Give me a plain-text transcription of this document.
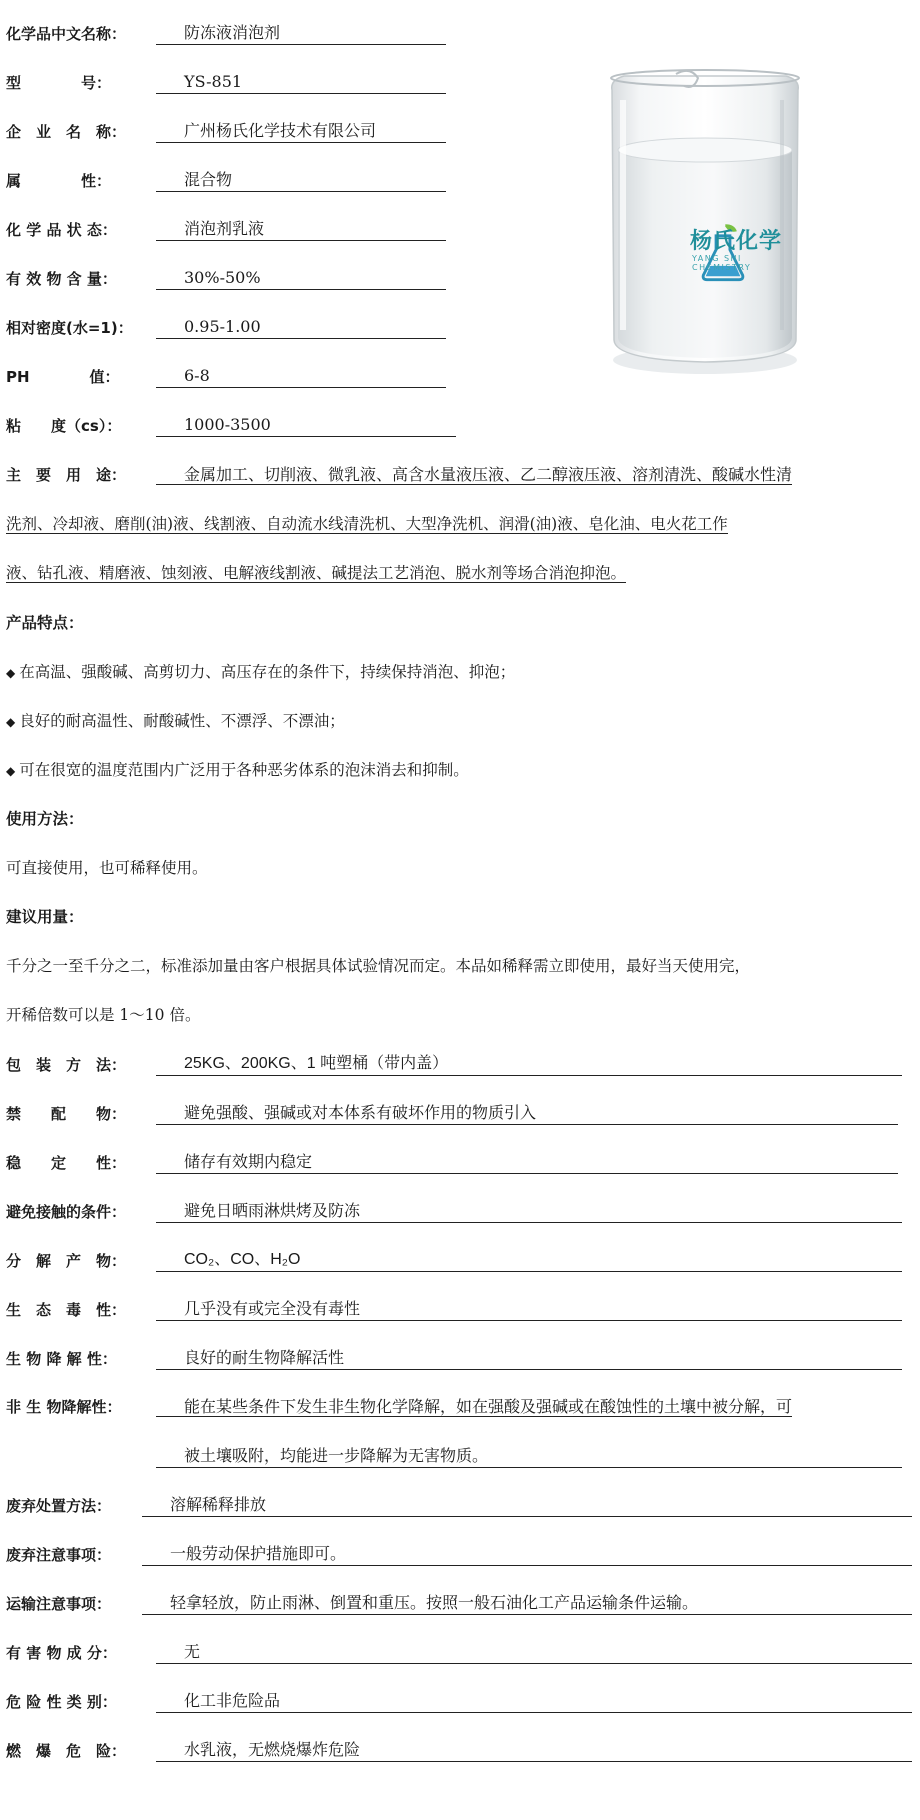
化学品中文名称：	防冻液消泡剂
型　　　　号：	YS-851
企　业　名　称：	广州杨氏化学技术有限公司
属　　　　性：	混合物
化 学 品 状 态：	消泡剂乳液
有 效 物 含 量：	30%-50%
相对密度(水=1)：	0.95-1.00
PH　　　　值：	6-8
粘　　度（cs）：	1000-3500
主　要　用　途：	金属加工、切削液、微乳液、高含水量液压液、乙二醇液压液、溶剂清洗、酸碱水性清
洗剂、冷却液、磨削(油)液、线割液、自动流水线清洗机、大型净洗机、润滑(油)液、皂化油、电火花工作
液、钻孔液、精磨液、蚀刻液、电解液线割液、碱提法工艺消泡、脱水剂等场合消泡抑泡。
产品特点：
◆ 在高温、强酸碱、高剪切力、高压存在的条件下，持续保持消泡、抑泡；
◆ 良好的耐高温性、耐酸碱性、不漂浮、不漂油；
◆ 可在很宽的温度范围内广泛用于各种恶劣体系的泡沫消去和抑制。
使用方法：
可直接使用，也可稀释使用。
建议用量：
千分之一至千分之二，标准添加量由客户根据具体试验情况而定。本品如稀释需立即使用，最好当天使用完，
开稀倍数可以是 1～10 倍。
包　装　方　法：	25KG、200KG、1 吨塑桶（带内盖）
禁　　配　　物：	避免强酸、强碱或对本体系有破坏作用的物质引入
稳　　定　　性：	储存有效期内稳定
避免接触的条件：	避免日晒雨淋烘烤及防冻
分　解　产　物：	CO₂、CO、H₂O
生　态　毒　性：	几乎没有或完全没有毒性
生 物 降 解 性：	良好的耐生物降解活性
非 生 物降解性：	能在某些条件下发生非生物化学降解，如在强酸及强碱或在酸蚀性的土壤中被分解，可
被土壤吸附，均能进一步降解为无害物质。
废弃处置方法：	溶解稀释排放
废弃注意事项：	一般劳动保护措施即可。
运输注意事项：	轻拿轻放，防止雨淋、倒置和重压。按照一般石油化工产品运输条件运输。
有 害 物 成 分：	无
危 险 性 类 别：	化工非危险品
燃　爆　危　险：	水乳液，无燃烧爆炸危险
杨氏化学
YANG SHI CHEMISTRY
